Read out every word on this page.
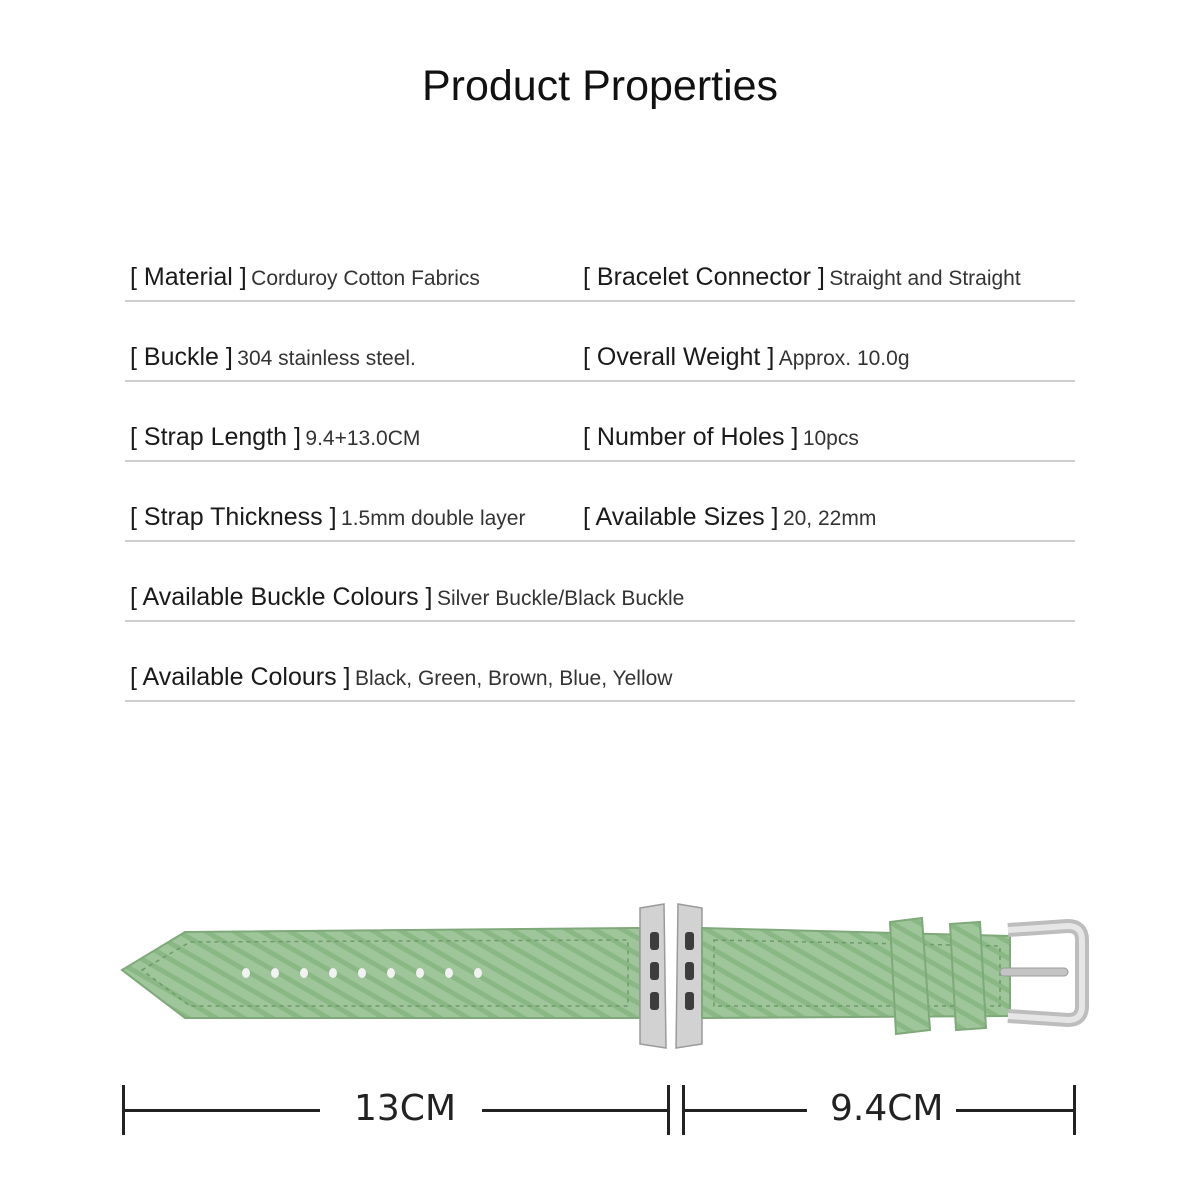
Product Properties
[ Material ] Corduroy Cotton Fabrics	[ Bracelet Connector ] Straight and Straight
[ Buckle ] 304 stainless steel.	[ Overall Weight ] Approx. 10.0g
[ Strap Length ] 9.4+13.0CM	[ Number of Holes ] 10pcs
[ Strap Thickness ] 1.5mm double layer [ Available Sizes ] 20, 22mm
[ Available Buckle Colours ] Silver Buckle/Black Buckle
[ Available Colours ] Black, Green, Brown, Blue, Yellow
13CM	9.4CM
